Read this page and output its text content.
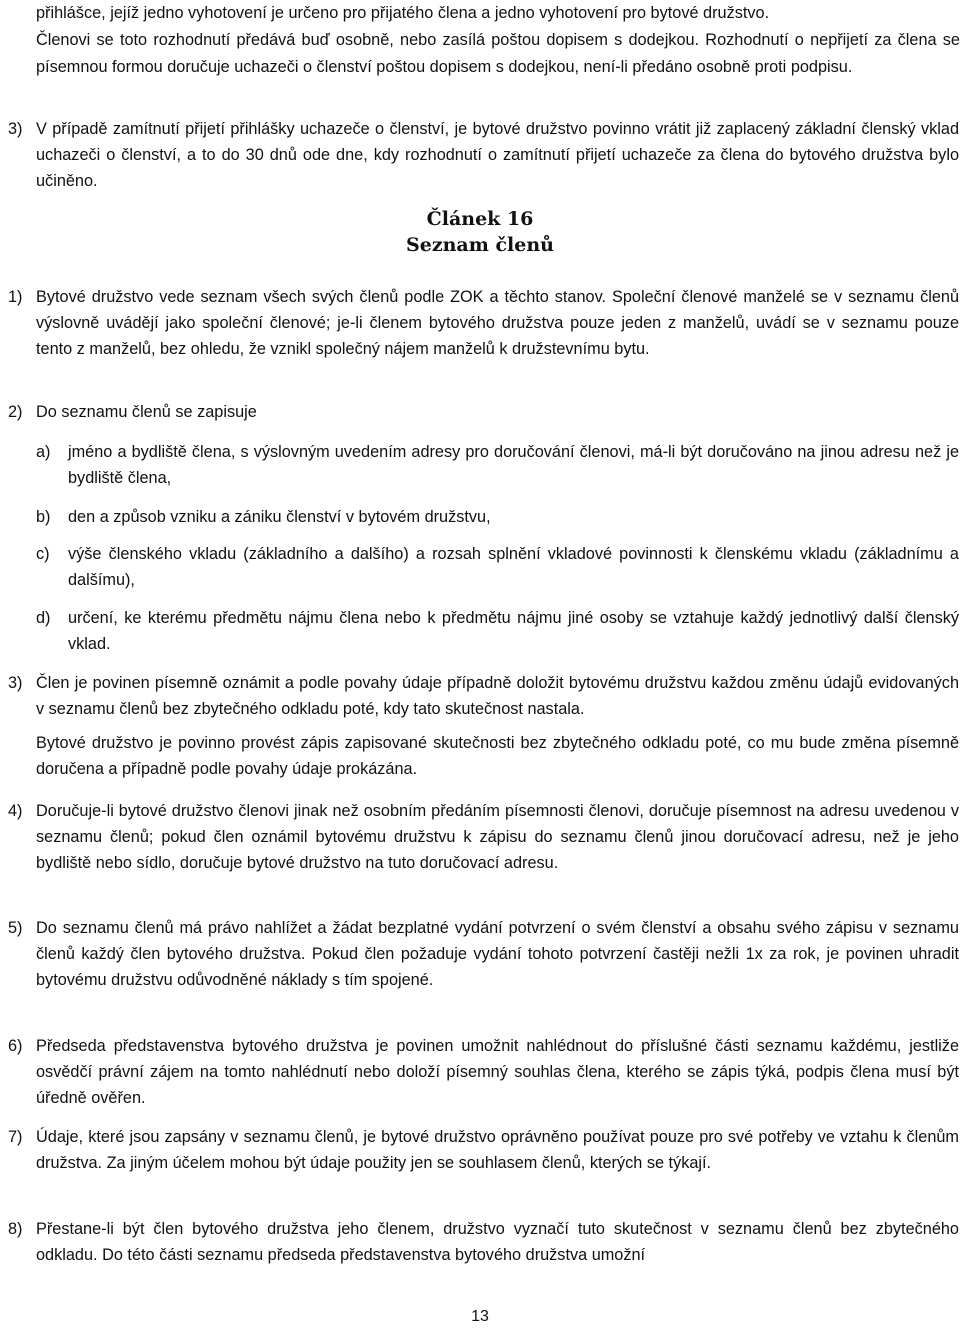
přihlášce, jejíž jedno vyhotovení je určeno pro přijatého člena a jedno vyhotovení pro bytové družstvo.

Členovi se toto rozhodnutí předává buď osobně, nebo zasílá poštou dopisem s dodejkou. Rozhodnutí o nepřijetí za člena se písemnou formou doručuje uchazeči o členství poštou dopisem s dodejkou, není-li předáno osobně proti podpisu.

3) V případě zamítnutí přijetí přihlášky uchazeče o členství, je bytové družstvo povinno vrátit již zaplacený základní členský vklad uchazeči o členství, a to do 30 dnů ode dne, kdy rozhodnutí o zamítnutí přijetí uchazeče za člena do bytového družstva bylo učiněno.

Článek 16
Seznam členů
1) Bytové družstvo vede seznam všech svých členů podle ZOK a těchto stanov. Společní členové manželé se v seznamu členů výslovně uvádějí jako společní členové; je-li členem bytového družstva pouze jeden z manželů, uvádí se v seznamu pouze tento z manželů, bez ohledu, že vznikl společný nájem manželů k družstevnímu bytu.

2) Do seznamu členů se zapisuje

a)	jméno a bydliště člena, s výslovným uvedením adresy pro doručování členovi, má-li být doručováno na jinou adresu než je bydliště člena,

b)	den a způsob vzniku a zániku členství v bytovém družstvu,

c)	výše členského vkladu (základního a dalšího) a rozsah splnění vkladové povinnosti k členskému vkladu (základnímu a dalšímu),

d)	určení, ke kterému předmětu nájmu člena nebo k předmětu nájmu jiné osoby se vztahuje každý jednotlivý další členský vklad.

3) Člen je povinen písemně oznámit a podle povahy údaje případně doložit bytovému družstvu každou změnu údajů evidovaných v seznamu členů bez zbytečného odkladu poté, kdy tato skutečnost nastala.

Bytové družstvo je povinno provést zápis zapisované skutečnosti bez zbytečného odkladu poté, co mu bude změna písemně doručena a případně podle povahy údaje prokázána.

4) Doručuje-li bytové družstvo členovi jinak než osobním předáním písemnosti členovi, doručuje písemnost na adresu uvedenou v seznamu členů; pokud člen oznámil bytovému družstvu k zápisu do seznamu členů jinou doručovací adresu, než je jeho bydliště nebo sídlo, doručuje bytové družstvo na tuto doručovací adresu.

5) Do seznamu členů má právo nahlížet a žádat bezplatné vydání potvrzení o svém členství a obsahu svého zápisu v seznamu členů každý člen bytového družstva. Pokud člen požaduje vydání tohoto potvrzení častěji nežli 1x za rok, je povinen uhradit bytovému družstvu odůvodněné náklady s tím spojené.

6) Předseda představenstva bytového družstva je povinen umožnit nahlédnout do příslušné části seznamu každému, jestliže osvědčí právní zájem na tomto nahlédnutí nebo doloží písemný souhlas člena, kterého se zápis týká, podpis člena musí být úředně ověřen.

7) Údaje, které jsou zapsány v seznamu členů, je bytové družstvo oprávněno používat pouze pro své potřeby ve vztahu k členům družstva. Za jiným účelem mohou být údaje použity jen se souhlasem členů, kterých se týkají.

8) Přestane-li být člen bytového družstva jeho členem, družstvo vyznačí tuto skutečnost v seznamu členů bez zbytečného odkladu. Do této části seznamu předseda představenstva bytového družstva umožní

13
